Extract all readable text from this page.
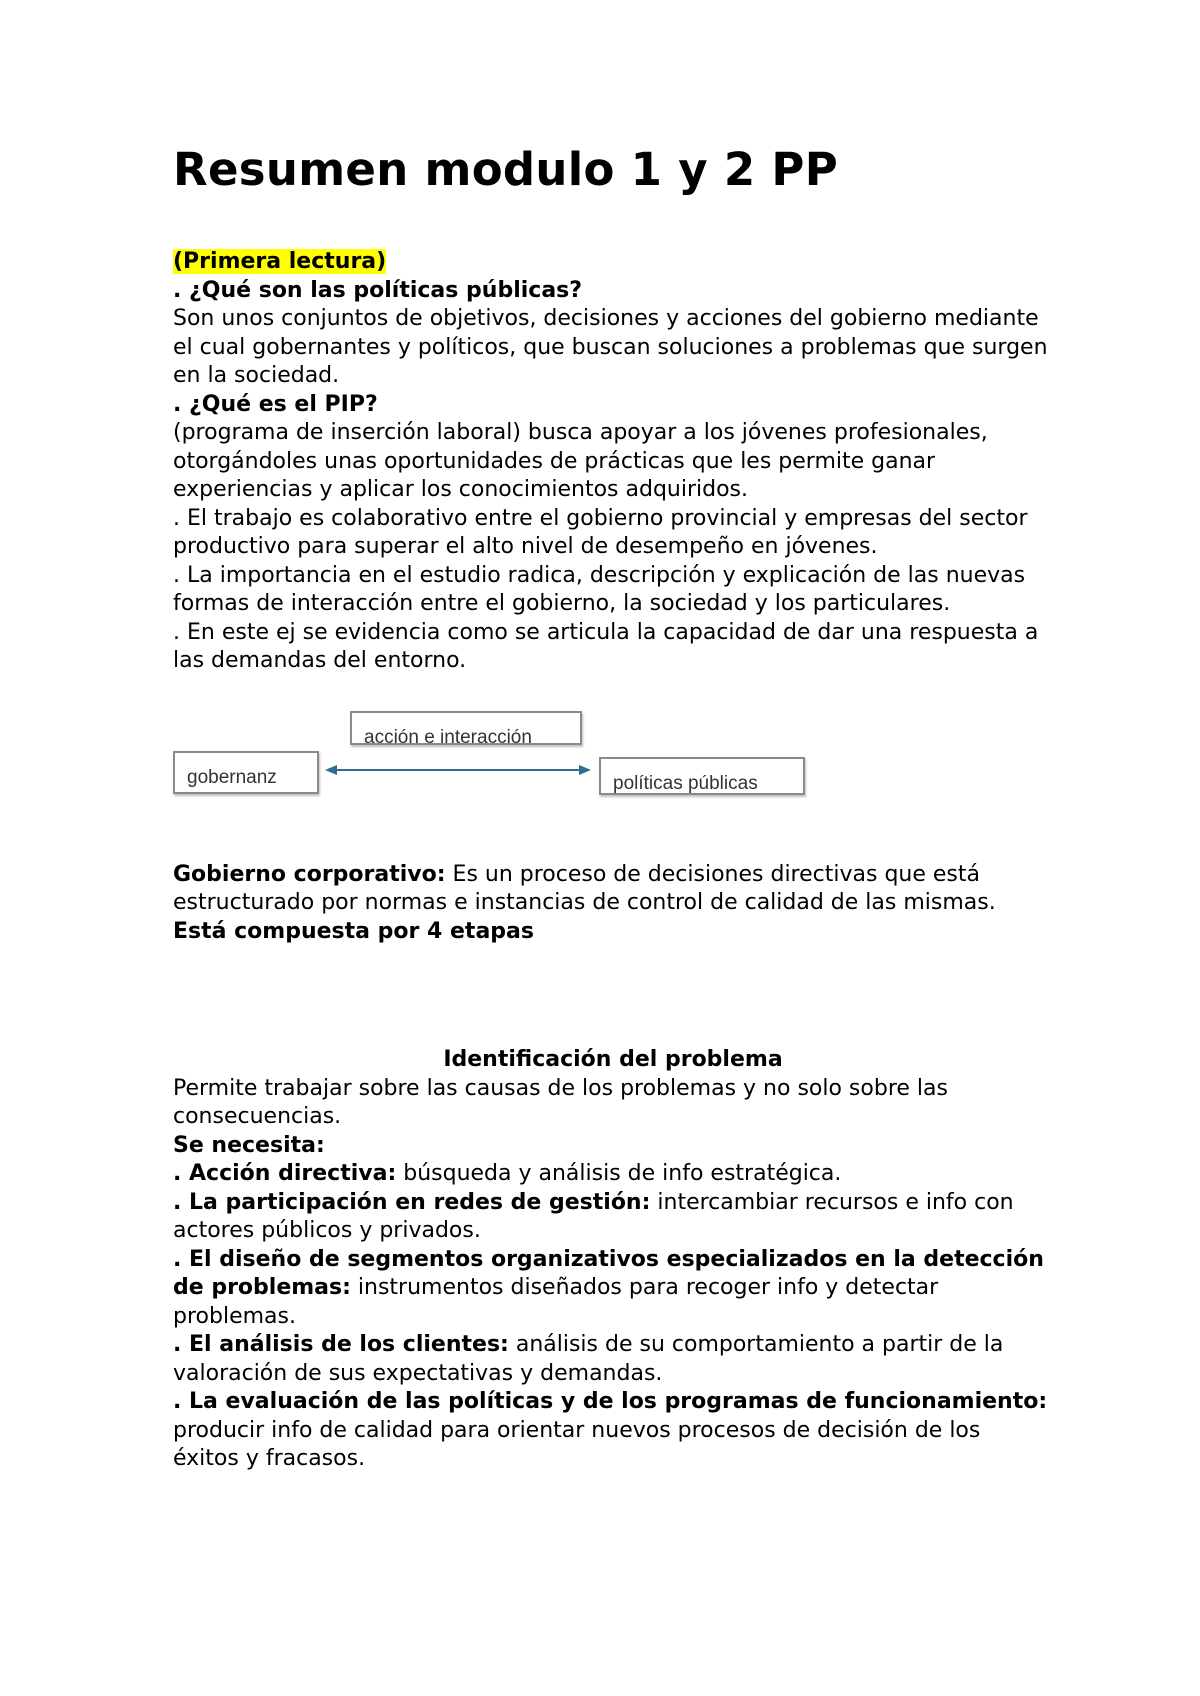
Resumen modulo 1 y 2 PP

(Primera lectura)

. ¿Qué son las políticas públicas?

Son unos conjuntos de objetivos, decisiones y acciones del gobierno mediante el cual gobernantes y políticos, que buscan soluciones a problemas que surgen en la sociedad.

. ¿Qué es el PIP?

(programa de inserción laboral) busca apoyar a los jóvenes profesionales, otorgándoles unas oportunidades de prácticas que les permite ganar experiencias y aplicar los conocimientos adquiridos.

. El trabajo es colaborativo entre el gobierno provincial y empresas del sector productivo para superar el alto nivel de desempeño en jóvenes.

. La importancia en el estudio radica, descripción y explicación de las nuevas formas de interacción entre el gobierno, la sociedad y los particulares.

. En este ej se evidencia como se articula la capacidad de dar una respuesta a las demandas del entorno.

acción e interacción
gobernanz	políticas públicas

Gobierno corporativo: Es un proceso de decisiones directivas que está estructurado por normas e instancias de control de calidad de las mismas. Está compuesta por 4 etapas

Identificación del problema

Permite trabajar sobre las causas de los problemas y no solo sobre las consecuencias.

Se necesita:

. Acción directiva: búsqueda y análisis de info estratégica.

. La participación en redes de gestión: intercambiar recursos e info con actores públicos y privados.

. El diseño de segmentos organizativos especializados en la detección de problemas: instrumentos diseñados para recoger info y detectar problemas.

. El análisis de los clientes: análisis de su comportamiento a partir de la valoración de sus expectativas y demandas.

. La evaluación de las políticas y de los programas de funcionamiento: producir info de calidad para orientar nuevos procesos de decisión de los éxitos y fracasos.
